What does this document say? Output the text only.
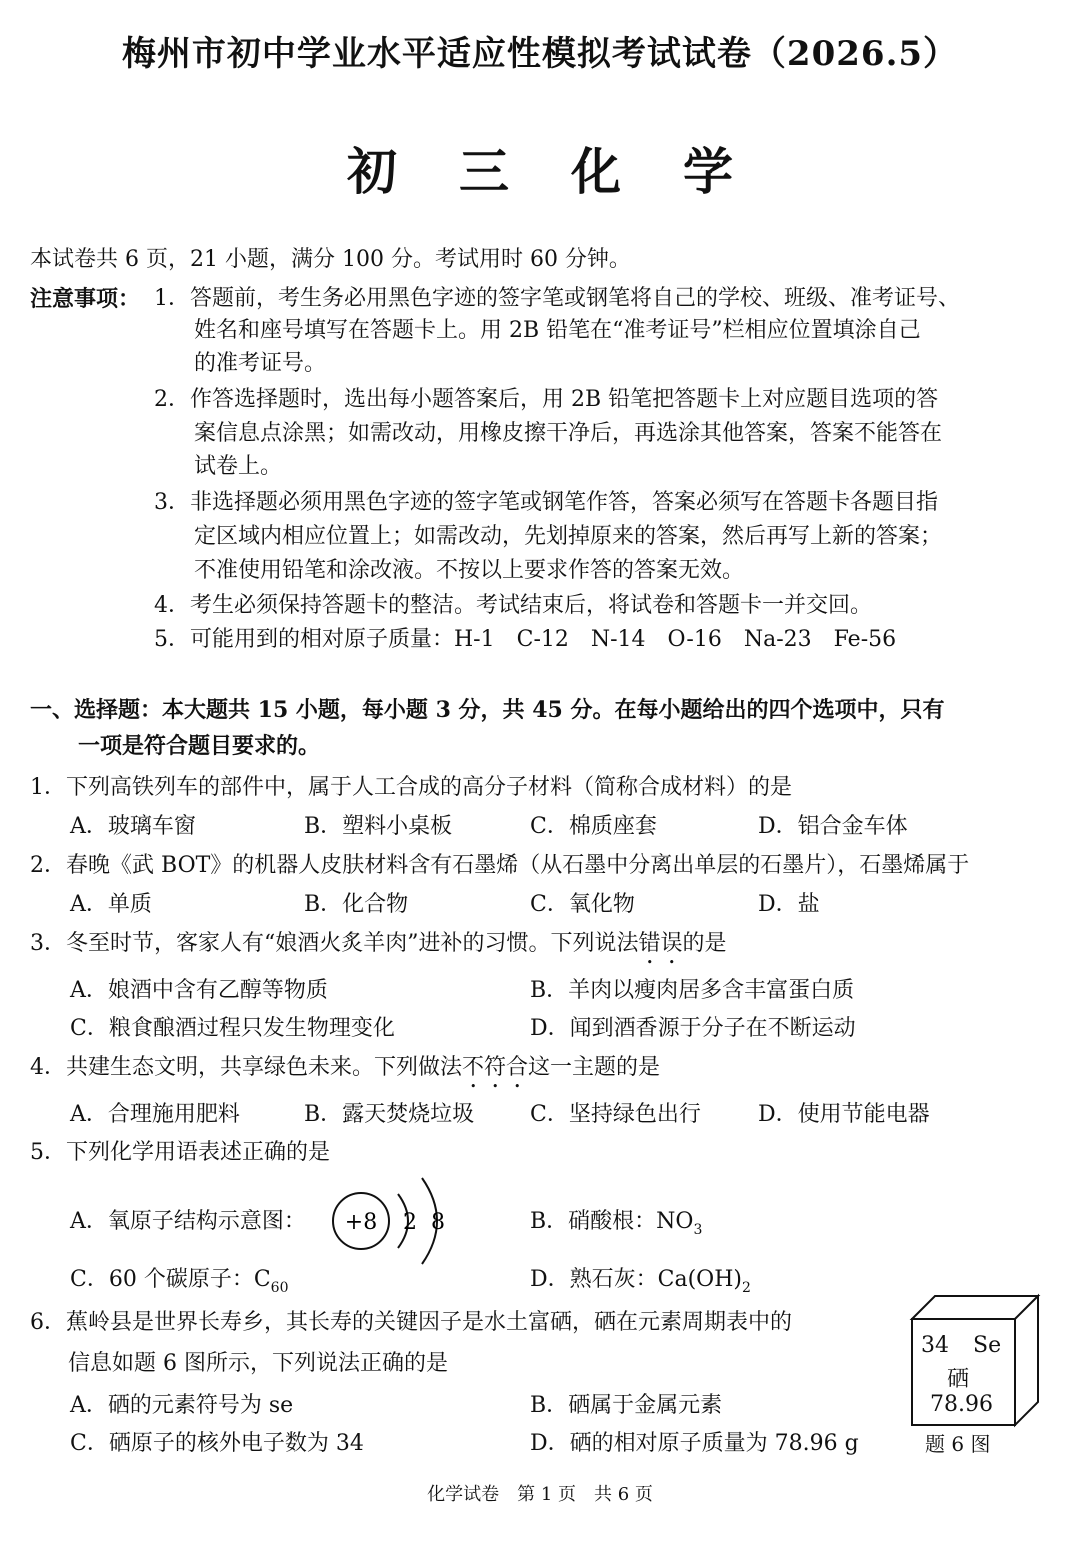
梅州市初中学业水平适应性模拟考试试卷（2026.5）
初三化学
本试卷共 6 页，21 小题，满分 100 分。考试用时 60 分钟。
注意事项： 1．答题前，考生务必用黑色字迹的签字笔或钢笔将自己的学校、班级、准考证号、
姓名和座号填写在答题卡上。用 2B 铅笔在“准考证号”栏相应位置填涂自己
的准考证号。
2．作答选择题时，选出每小题答案后，用 2B 铅笔把答题卡上对应题目选项的答
案信息点涂黑；如需改动，用橡皮擦干净后，再选涂其他答案，答案不能答在
试卷上。
3．非选择题必须用黑色字迹的签字笔或钢笔作答，答案必须写在答题卡各题目指
定区域内相应位置上；如需改动，先划掉原来的答案，然后再写上新的答案；
不准使用铅笔和涂改液。不按以上要求作答的答案无效。
4．考生必须保持答题卡的整洁。考试结束后，将试卷和答题卡一并交回。
5．可能用到的相对原子质量：H-1　C-12　N-14　O-16　Na-23　Fe-56
一、选择题：本大题共 15 小题，每小题 3 分，共 45 分。在每小题给出的四个选项中，只有
一项是符合题目要求的。
1．下列高铁列车的部件中，属于人工合成的高分子材料（简称合成材料）的是
A．玻璃车窗	B．塑料小桌板	C．棉质座套	D．铝合金车体
2．春晚《武 BOT》的机器人皮肤材料含有石墨烯（从石墨中分离出单层的石墨片），石墨烯属于
A．单质	B．化合物	C．氧化物	D．盐
3．冬至时节，客家人有“娘酒火炙羊肉”进补的习惯。下列说法错误的是
A．娘酒中含有乙醇等物质	B．羊肉以瘦肉居多含丰富蛋白质
C．粮食酿酒过程只发生物理变化	D．闻到酒香源于分子在不断运动
4．共建生态文明，共享绿色未来。下列做法不符合这一主题的是
A．合理施用肥料	B．露天焚烧垃圾	C．坚持绿色出行	D．使用节能电器
5．下列化学用语表述正确的是
A．氧原子结构示意图： +8 2 8	B．硝酸根：$NO_3$
C．60 个碳原子：$C_{60}$	D．熟石灰：$Ca(OH)_2$
6．蕉岭县是世界长寿乡，其长寿的关键因子是水土富硒，硒在元素周期表中的
信息如题 6 图所示，下列说法正确的是
A．硒的元素符号为 se	B．硒属于金属元素
C．硒原子的核外电子数为 34	D．硒的相对原子质量为 78.96 g
34 Se
硒
78.96
题 6 图
化学试卷　第 1 页　共 6 页
